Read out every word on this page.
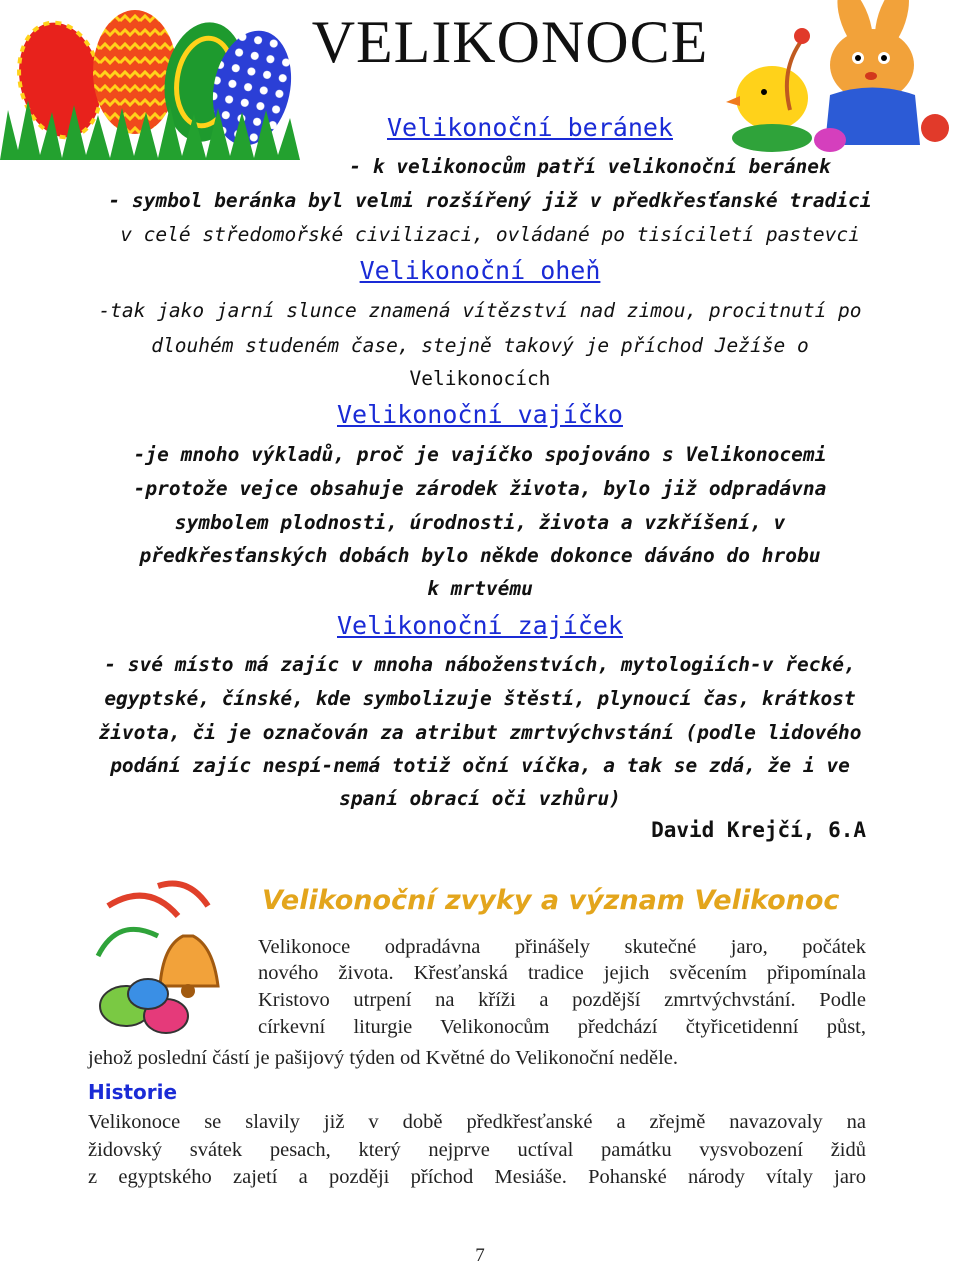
VELIKONOCE
Velikonoční beránek
- k velikonocům patří velikonoční beránek
- symbol beránka byl velmi rozšířený již v předkřesťanské tradici
v celé středomořské civilizaci, ovládané po tisíciletí pastevci
Velikonoční oheň
-tak jako jarní slunce znamená vítězství nad zimou, procitnutí po
dlouhém studeném čase, stejně takový je příchod Ježíše o
Velikonocích
Velikonoční vajíčko
-je mnoho výkladů, proč je vajíčko spojováno s Velikonocemi
-protože vejce obsahuje zárodek života, bylo již odpradávna
symbolem plodnosti, úrodnosti, života a vzkříšení, v
předkřesťanských dobách bylo někde dokonce dáváno do hrobu
k mrtvému
Velikonoční zajíček
- své místo má zajíc v mnoha náboženstvích, mytologiích-v řecké,
egyptské, čínské, kde symbolizuje štěstí, plynoucí čas, krátkost
života, či je označován za atribut zmrtvýchvstání (podle lidového
podání zajíc nespí-nemá totiž oční víčka, a tak se zdá, že i ve
spaní obrací oči vzhůru)
David Krejčí, 6.A
Velikonoční zvyky a význam Velikonoc
Velikonoce odpradávna přinášely skutečné jaro, počátek
nového života. Křesťanská tradice jejich svěcením připomínala
Kristovo utrpení na kříži a pozdější zmrtvýchvstání. Podle
církevní liturgie Velikonocům předchází čtyřicetidenní půst,
jehož poslední částí je pašijový týden od Květné do Velikonoční neděle.
Historie
Velikonoce se slavily již v době předkřesťanské a zřejmě navazovaly na
židovský svátek pesach, který nejprve uctíval památku vysvobození židů
z egyptského zajetí a později příchod Mesiáše. Pohanské národy vítaly jaro
7
